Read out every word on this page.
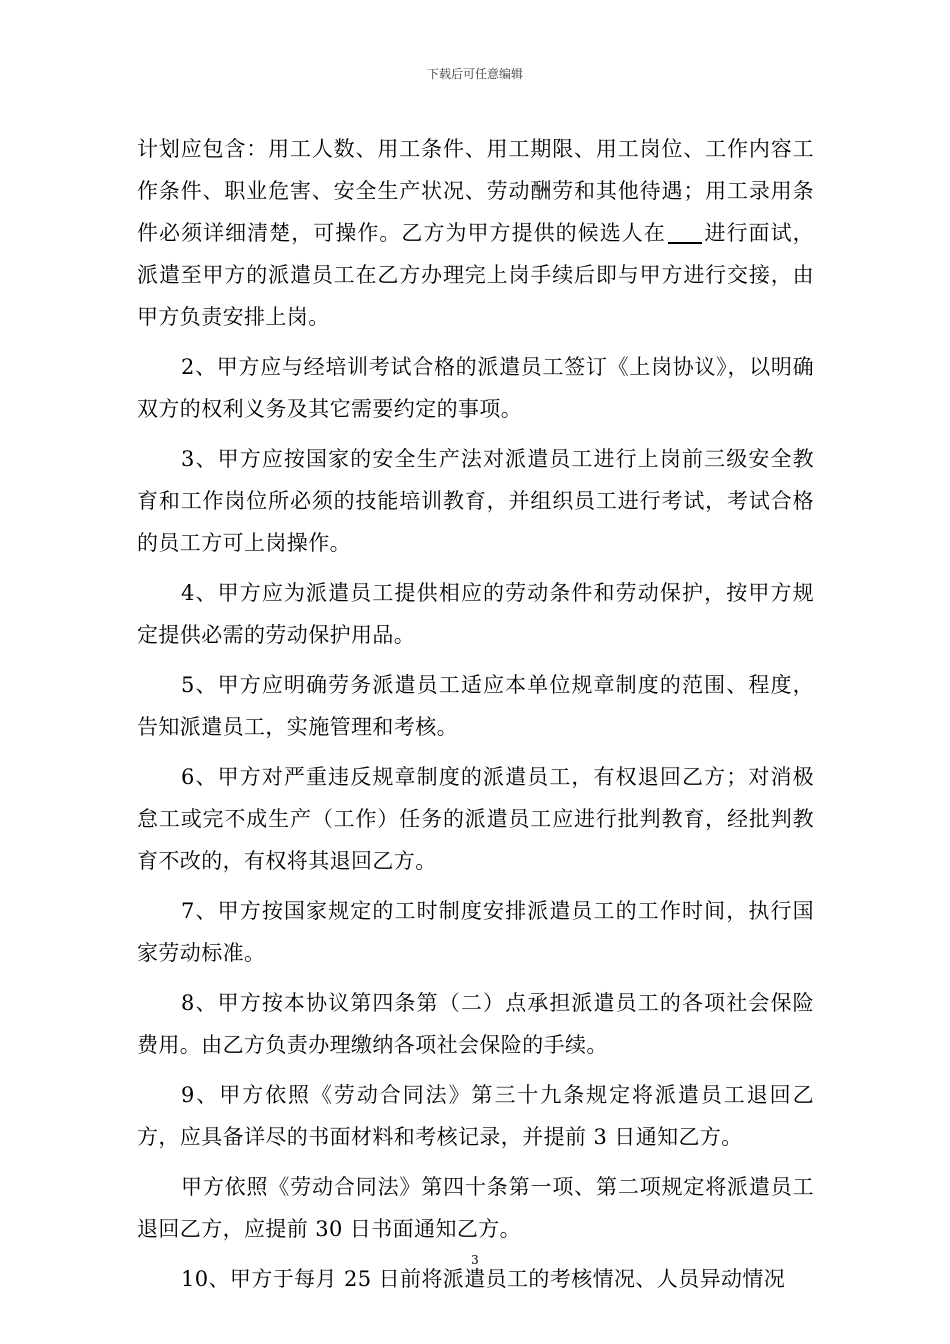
下载后可任意编辑

计划应包含：用工人数、用工条件、用工期限、用工岗位、工作内容工作条件、职业危害、安全生产状况、劳动酬劳和其他待遇；用工录用条件必须详细清楚，可操作。乙方为甲方提供的候选人在 进行面试，派遣至甲方的派遣员工在乙方办理完上岗手续后即与甲方进行交接，由甲方负责安排上岗。

2、甲方应与经培训考试合格的派遣员工签订《上岗协议》，以明确双方的权利义务及其它需要约定的事项。

3、甲方应按国家的安全生产法对派遣员工进行上岗前三级安全教育和工作岗位所必须的技能培训教育，并组织员工进行考试，考试合格的员工方可上岗操作。

4、甲方应为派遣员工提供相应的劳动条件和劳动保护，按甲方规定提供必需的劳动保护用品。

5、甲方应明确劳务派遣员工适应本单位规章制度的范围、程度，告知派遣员工，实施管理和考核。

6、甲方对严重违反规章制度的派遣员工，有权退回乙方；对消极怠工或完不成生产（工作）任务的派遣员工应进行批判教育，经批判教育不改的，有权将其退回乙方。

7、甲方按国家规定的工时制度安排派遣员工的工作时间，执行国家劳动标准。

8、甲方按本协议第四条第（二）点承担派遣员工的各项社会保险费用。由乙方负责办理缴纳各项社会保险的手续。

9、甲方依照《劳动合同法》第三十九条规定将派遣员工退回乙方，应具备详尽的书面材料和考核记录，并提前 3 日通知乙方。

甲方依照《劳动合同法》第四十条第一项、第二项规定将派遣员工退回乙方，应提前 30 日书面通知乙方。

10、甲方于每月 25 日前将派遣员工的考核情况、人员异动情况

3
